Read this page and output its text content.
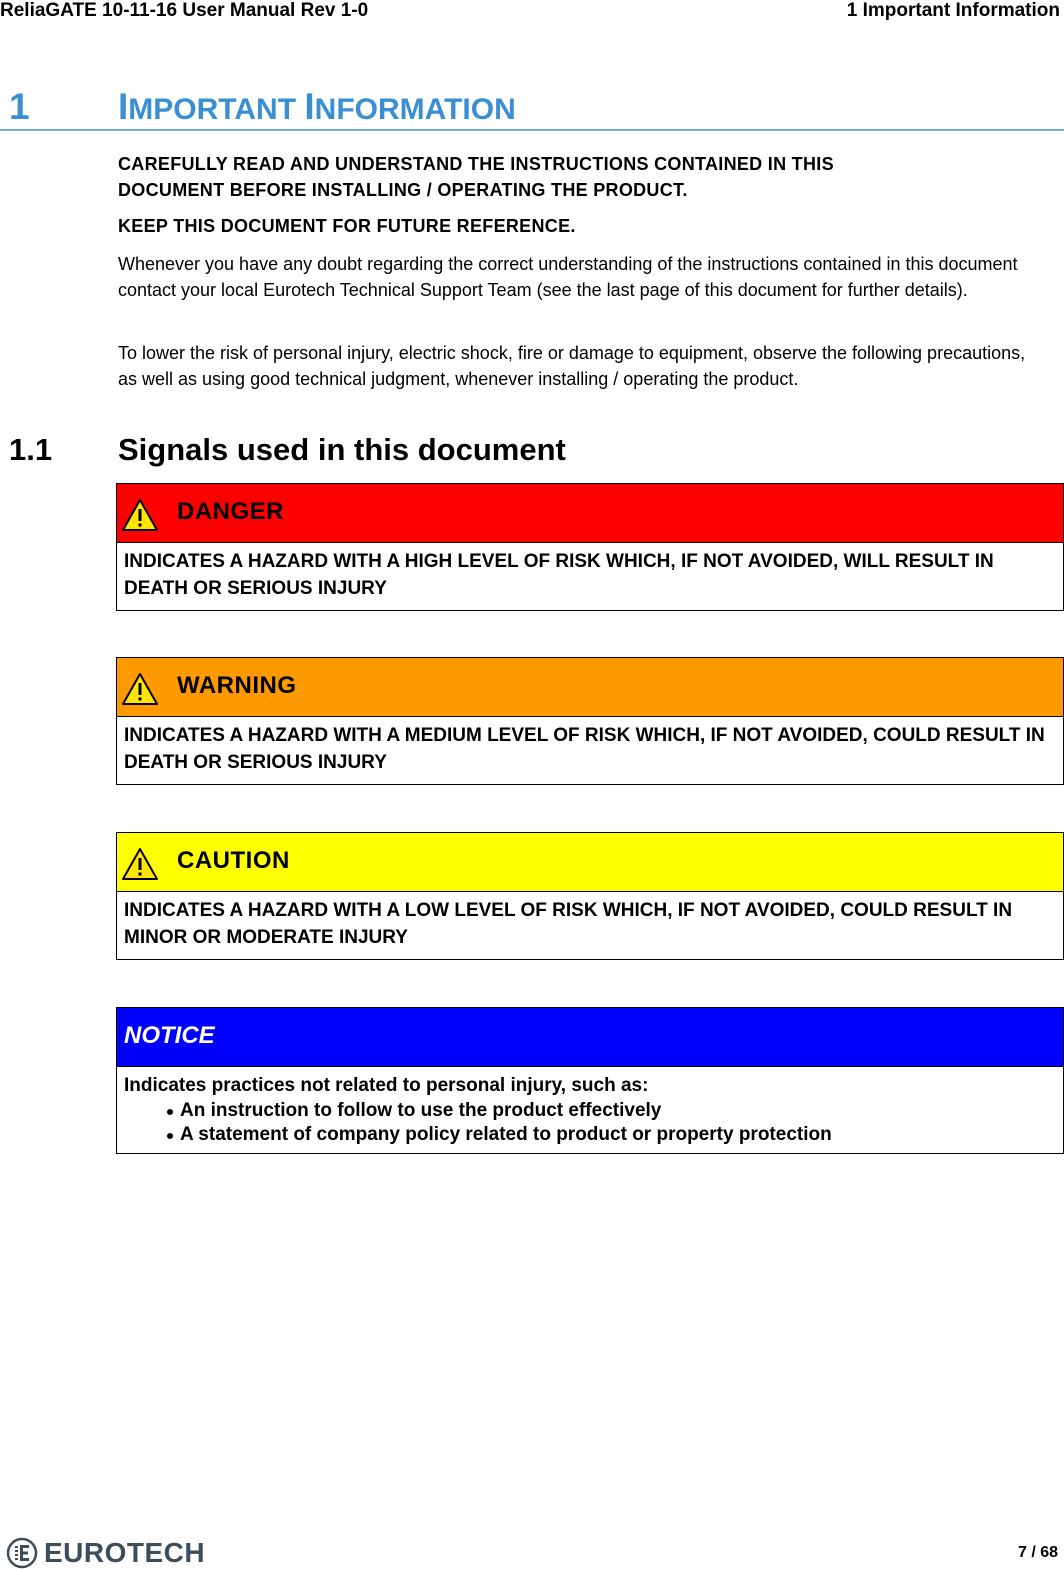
ReliaGATE 10-11-16 User Manual Rev 1-0	1 Important Information
1 IMPORTANT INFORMATION
CAREFULLY READ AND UNDERSTAND THE INSTRUCTIONS CONTAINED IN THIS
DOCUMENT BEFORE INSTALLING / OPERATING THE PRODUCT.
KEEP THIS DOCUMENT FOR FUTURE REFERENCE.
Whenever you have any doubt regarding the correct understanding of the instructions contained in this document contact your local Eurotech Technical Support Team (see the last page of this document for further details).
To lower the risk of personal injury, electric shock, fire or damage to equipment, observe the following precautions, as well as using good technical judgment, whenever installing / operating the product.
1.1 Signals used in this document
DANGER
INDICATES A HAZARD WITH A HIGH LEVEL OF RISK WHICH, IF NOT AVOIDED, WILL RESULT IN DEATH OR SERIOUS INJURY
WARNING
INDICATES A HAZARD WITH A MEDIUM LEVEL OF RISK WHICH, IF NOT AVOIDED, COULD RESULT IN DEATH OR SERIOUS INJURY
CAUTION
INDICATES A HAZARD WITH A LOW LEVEL OF RISK WHICH, IF NOT AVOIDED, COULD RESULT IN MINOR OR MODERATE INJURY
NOTICE
Indicates practices not related to personal injury, such as:
An instruction to follow to use the product effectively
A statement of company policy related to product or property protection
EUROTECH	7 / 68
